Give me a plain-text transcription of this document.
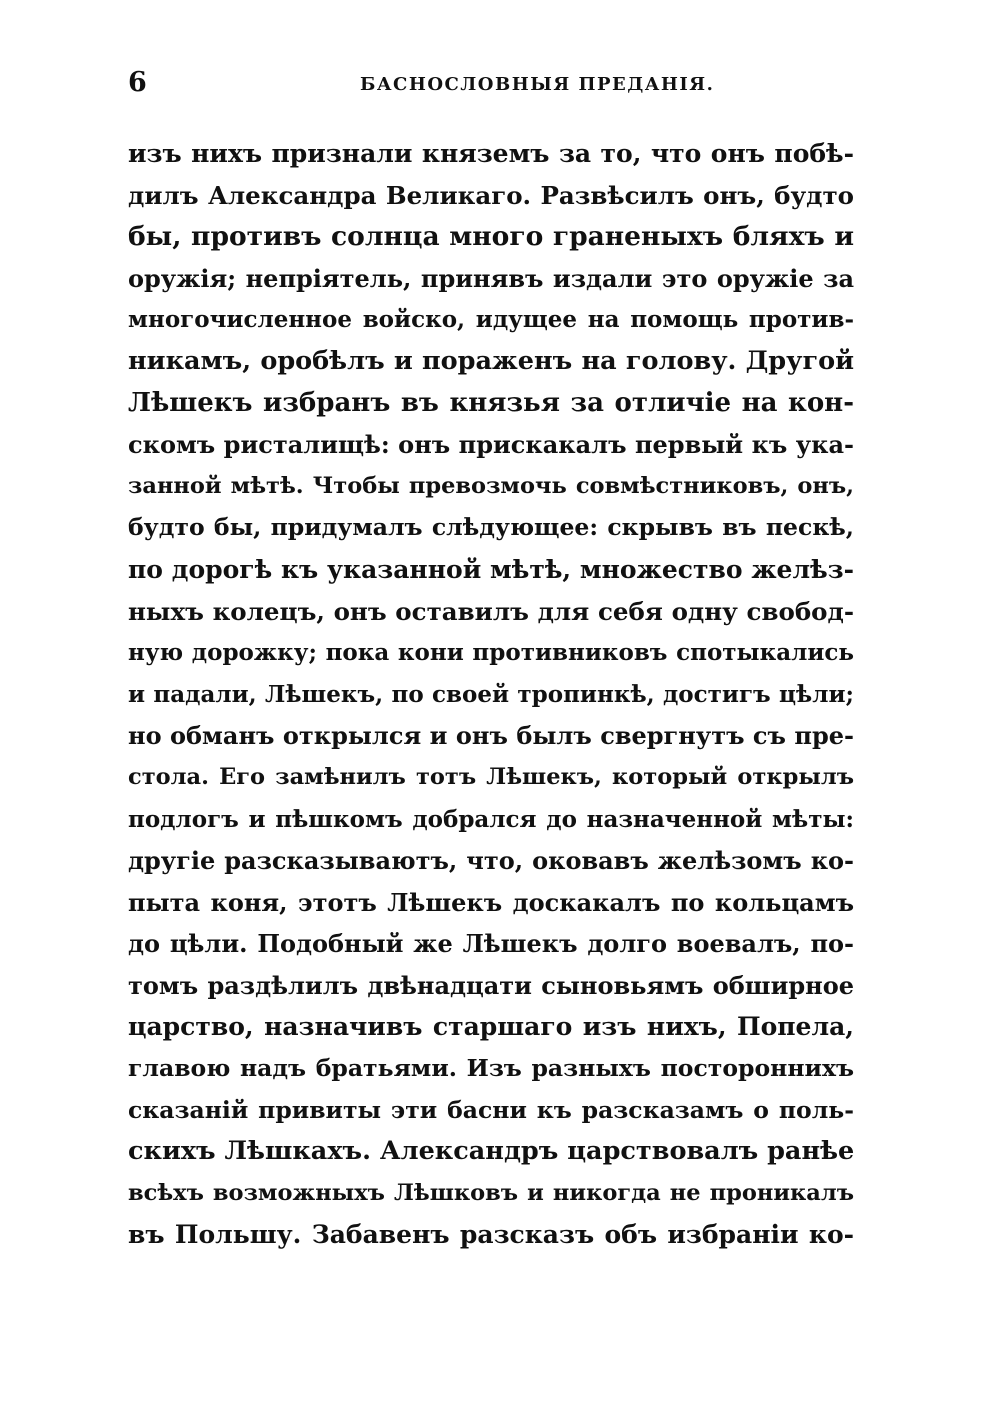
6	БАСНОСЛОВНЫЯ ПРЕДАНІЯ.
изъ нихъ признали княземъ за то, что онъ побѣ-
дилъ Александра Великаго. Развѣсилъ онъ, будто
бы, противъ солнца много граненыхъ бляхъ и
оружія; непріятель, принявъ издали это оружіе за
многочисленное войско, идущее на помощь против-
никамъ, оробѣлъ и пораженъ на голову. Другой
Лѣшекъ избранъ въ князья за отличіе на кон-
скомъ ристалищѣ: онъ прискакалъ первый къ ука-
занной мѣтѣ. Чтобы превозмочь совмѣстниковъ, онъ,
будто бы, придумалъ слѣдующее: скрывъ въ пескѣ,
по дорогѣ къ указанной мѣтѣ, множество желѣз-
ныхъ колецъ, онъ оставилъ для себя одну свобод-
ную дорожку; пока кони противниковъ спотыкались
и падали, Лѣшекъ, по своей тропинкѣ, достигъ цѣли;
но обманъ открылся и онъ былъ свергнутъ съ пре-
стола. Его замѣнилъ тотъ Лѣшекъ, который открылъ
подлогъ и пѣшкомъ добрался до назначенной мѣты:
другіе разсказываютъ, что, оковавъ желѣзомъ ко-
пыта коня, этотъ Лѣшекъ доскакалъ по кольцамъ
до цѣли. Подобный же Лѣшекъ долго воевалъ, по-
томъ раздѣлилъ двѣнадцати сыновьямъ обширное
царство, назначивъ старшаго изъ нихъ, Попела,
главою надъ братьями. Изъ разныхъ постороннихъ
сказаній привиты эти басни къ разсказамъ о поль-
скихъ Лѣшкахъ. Александръ царствовалъ ранѣе
всѣхъ возможныхъ Лѣшковъ и никогда не проникалъ
въ Польшу. Забавенъ разсказъ объ избраніи ко-
